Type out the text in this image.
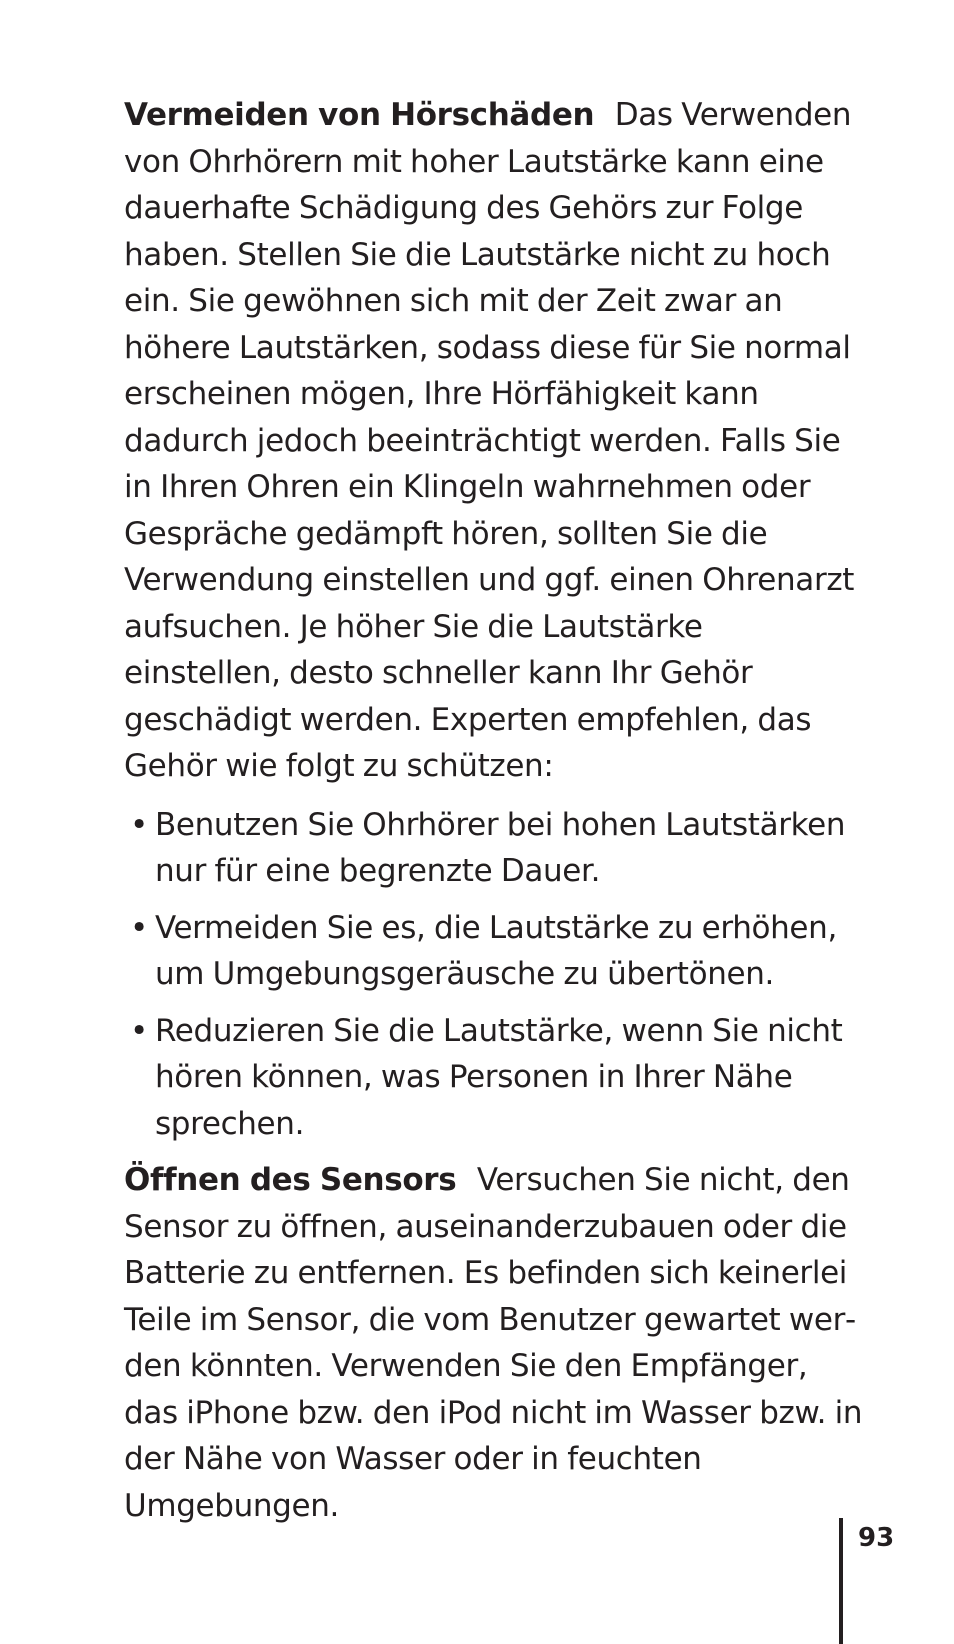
Vermeiden von Hörschäden Das Verwenden von Ohrhörern mit hoher Lautstärke kann eine dauerhafte Schädigung des Gehörs zur Folge haben. Stellen Sie die Lautstärke nicht zu hoch ein. Sie gewöhnen sich mit der Zeit zwar an höhere Lautstärken, sodass diese für Sie normal erscheinen mögen, Ihre Hörfähigkeit kann dadurch jedoch beeinträchtigt werden. Falls Sie in Ihren Ohren ein Klingeln wahrnehmen oder Gespräche gedämpft hören, sollten Sie die Verwendung einstellen und ggf. einen Ohrenarzt aufsuchen. Je höher Sie die Lautstärke einstellen, desto schneller kann Ihr Gehör geschädigt werden. Experten empfehlen, das Gehör wie folgt zu schützen:

• Benutzen Sie Ohrhörer bei hohen Lautstärken nur für eine begrenzte Dauer.
• Vermeiden Sie es, die Lautstärke zu erhöhen, um Umgebungsgeräusche zu übertönen.
• Reduzieren Sie die Lautstärke, wenn Sie nicht hören können, was Personen in Ihrer Nähe sprechen.

Öffnen des Sensors Versuchen Sie nicht, den Sensor zu öffnen, auseinanderzubauen oder die Batterie zu entfernen. Es befinden sich keinerlei Teile im Sensor, die vom Benutzer gewartet werden könnten. Verwenden Sie den Empfänger, das iPhone bzw. den iPod nicht im Wasser bzw. in der Nähe von Wasser oder in feuchten Umgebungen.

93
